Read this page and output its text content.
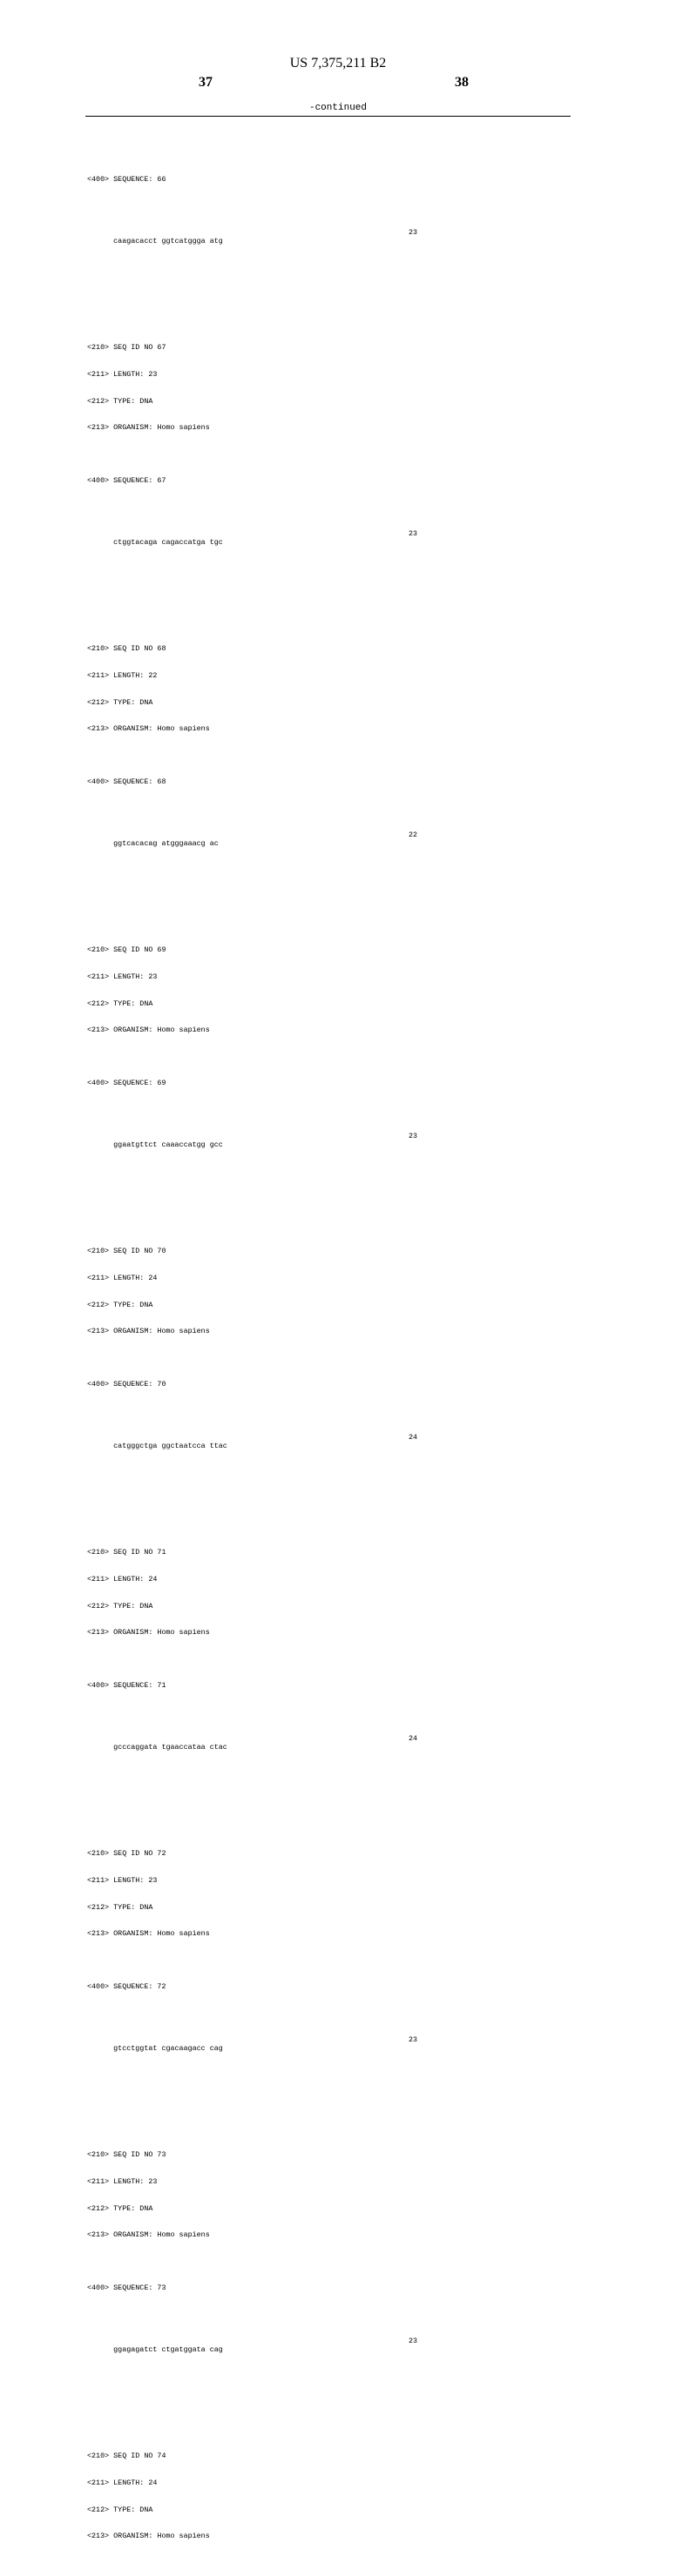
US 7,375,211 B2
37	38
-continued

<400> SEQUENCE: 66

caagacacct ggtcatggga atg

23

<210> SEQ ID NO 67

<211> LENGTH: 23

<212> TYPE: DNA

<213> ORGANISM: Homo sapiens

<400> SEQUENCE: 67

ctggtacaga cagaccatga tgc

23

<210> SEQ ID NO 68

<211> LENGTH: 22

<212> TYPE: DNA

<213> ORGANISM: Homo sapiens

<400> SEQUENCE: 68

ggtcacacag atgggaaacg ac

22

<210> SEQ ID NO 69

<211> LENGTH: 23

<212> TYPE: DNA

<213> ORGANISM: Homo sapiens

<400> SEQUENCE: 69

ggaatgttct caaaccatgg gcc

23

<210> SEQ ID NO 70

<211> LENGTH: 24

<212> TYPE: DNA

<213> ORGANISM: Homo sapiens

<400> SEQUENCE: 70

catgggctga ggctaatcca ttac

24

<210> SEQ ID NO 71

<211> LENGTH: 24

<212> TYPE: DNA

<213> ORGANISM: Homo sapiens

<400> SEQUENCE: 71

gcccaggata tgaaccataa ctac

24

<210> SEQ ID NO 72

<211> LENGTH: 23

<212> TYPE: DNA

<213> ORGANISM: Homo sapiens

<400> SEQUENCE: 72

gtcctggtat cgacaagacc cag

23

<210> SEQ ID NO 73

<211> LENGTH: 23

<212> TYPE: DNA

<213> ORGANISM: Homo sapiens

<400> SEQUENCE: 73

ggagagatct ctgatggata cag

23

<210> SEQ ID NO 74

<211> LENGTH: 24

<212> TYPE: DNA

<213> ORGANISM: Homo sapiens
